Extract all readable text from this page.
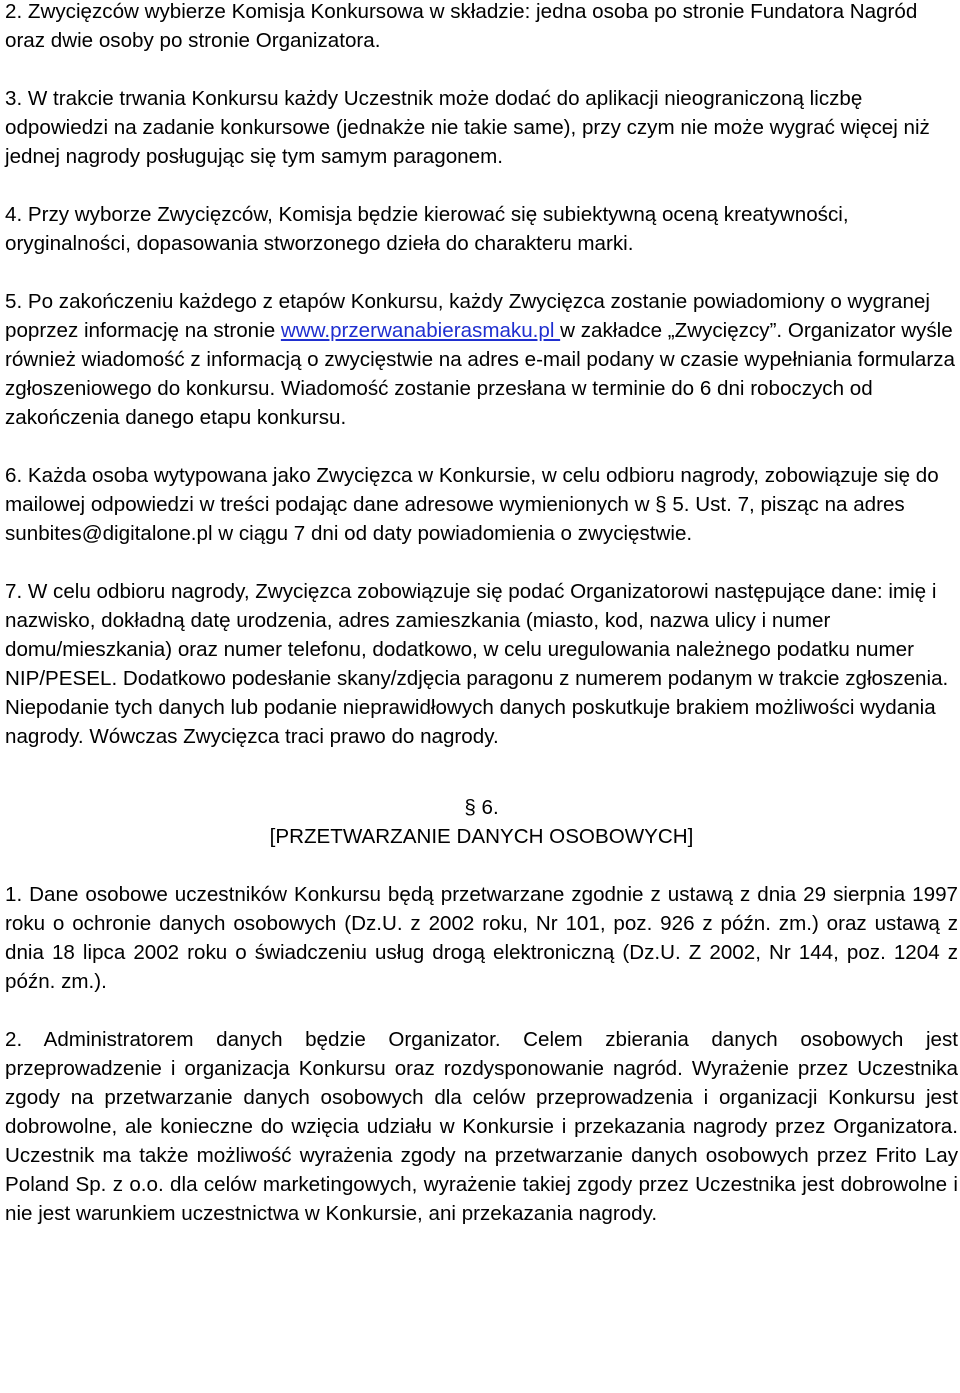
2. Zwycięzców wybierze Komisja Konkursowa w składzie: jedna osoba po stronie Fundatora Nagród oraz dwie osoby po stronie Organizatora.

3. W trakcie trwania Konkursu każdy Uczestnik może dodać do aplikacji nieograniczoną liczbę odpowiedzi na zadanie konkursowe (jednakże nie takie same), przy czym nie może wygrać więcej niż jednej nagrody posługując się tym samym paragonem.

4. Przy wyborze Zwycięzców, Komisja będzie kierować się subiektywną oceną kreatywności, oryginalności, dopasowania stworzonego dzieła do charakteru marki.

5. Po zakończeniu każdego z etapów Konkursu, każdy Zwycięzca zostanie powiadomiony o wygranej poprzez informację na stronie www.przerwanabierasmaku.pl w zakładce „Zwycięzcy”. Organizator wyśle również wiadomość z informacją o zwycięstwie na adres e-mail podany w czasie wypełniania formularza zgłoszeniowego do konkursu. Wiadomość zostanie przesłana w terminie do 6 dni roboczych od zakończenia danego etapu konkursu.

6. Każda osoba wytypowana jako Zwycięzca w Konkursie, w celu odbioru nagrody, zobowiązuje się do mailowej odpowiedzi w treści podając dane adresowe wymienionych w § 5. Ust. 7, pisząc na adres sunbites@digitalone.pl w ciągu 7 dni od daty powiadomienia o zwycięstwie.

7. W celu odbioru nagrody, Zwycięzca zobowiązuje się podać Organizatorowi następujące dane: imię i nazwisko, dokładną datę urodzenia, adres zamieszkania (miasto, kod, nazwa ulicy i numer domu/mieszkania) oraz numer telefonu, dodatkowo, w celu uregulowania należnego podatku numer NIP/PESEL. Dodatkowo podesłanie skany/zdjęcia paragonu z numerem podanym w trakcie zgłoszenia. Niepodanie tych danych lub podanie nieprawidłowych danych poskutkuje brakiem możliwości wydania nagrody. Wówczas Zwycięzca traci prawo do nagrody.

§ 6.

[PRZETWARZANIE DANYCH OSOBOWYCH]

1. Dane osobowe uczestników Konkursu będą przetwarzane zgodnie z ustawą z dnia 29 sierpnia 1997 roku o ochronie danych osobowych (Dz.U. z 2002 roku, Nr 101, poz. 926 z późn. zm.) oraz ustawą z dnia 18 lipca 2002 roku o świadczeniu usług drogą elektroniczną (Dz.U. Z 2002, Nr 144, poz. 1204 z późn. zm.).

2. Administratorem danych będzie Organizator. Celem zbierania danych osobowych jest przeprowadzenie i organizacja Konkursu oraz rozdysponowanie nagród. Wyrażenie przez Uczestnika zgody na przetwarzanie danych osobowych dla celów przeprowadzenia i organizacji Konkursu jest dobrowolne, ale konieczne do wzięcia udziału w Konkursie i przekazania nagrody przez Organizatora. Uczestnik ma także możliwość wyrażenia zgody na przetwarzanie danych osobowych przez Frito Lay Poland Sp. z o.o. dla celów marketingowych, wyrażenie takiej zgody przez Uczestnika jest dobrowolne i nie jest warunkiem uczestnictwa w Konkursie, ani przekazania nagrody.
